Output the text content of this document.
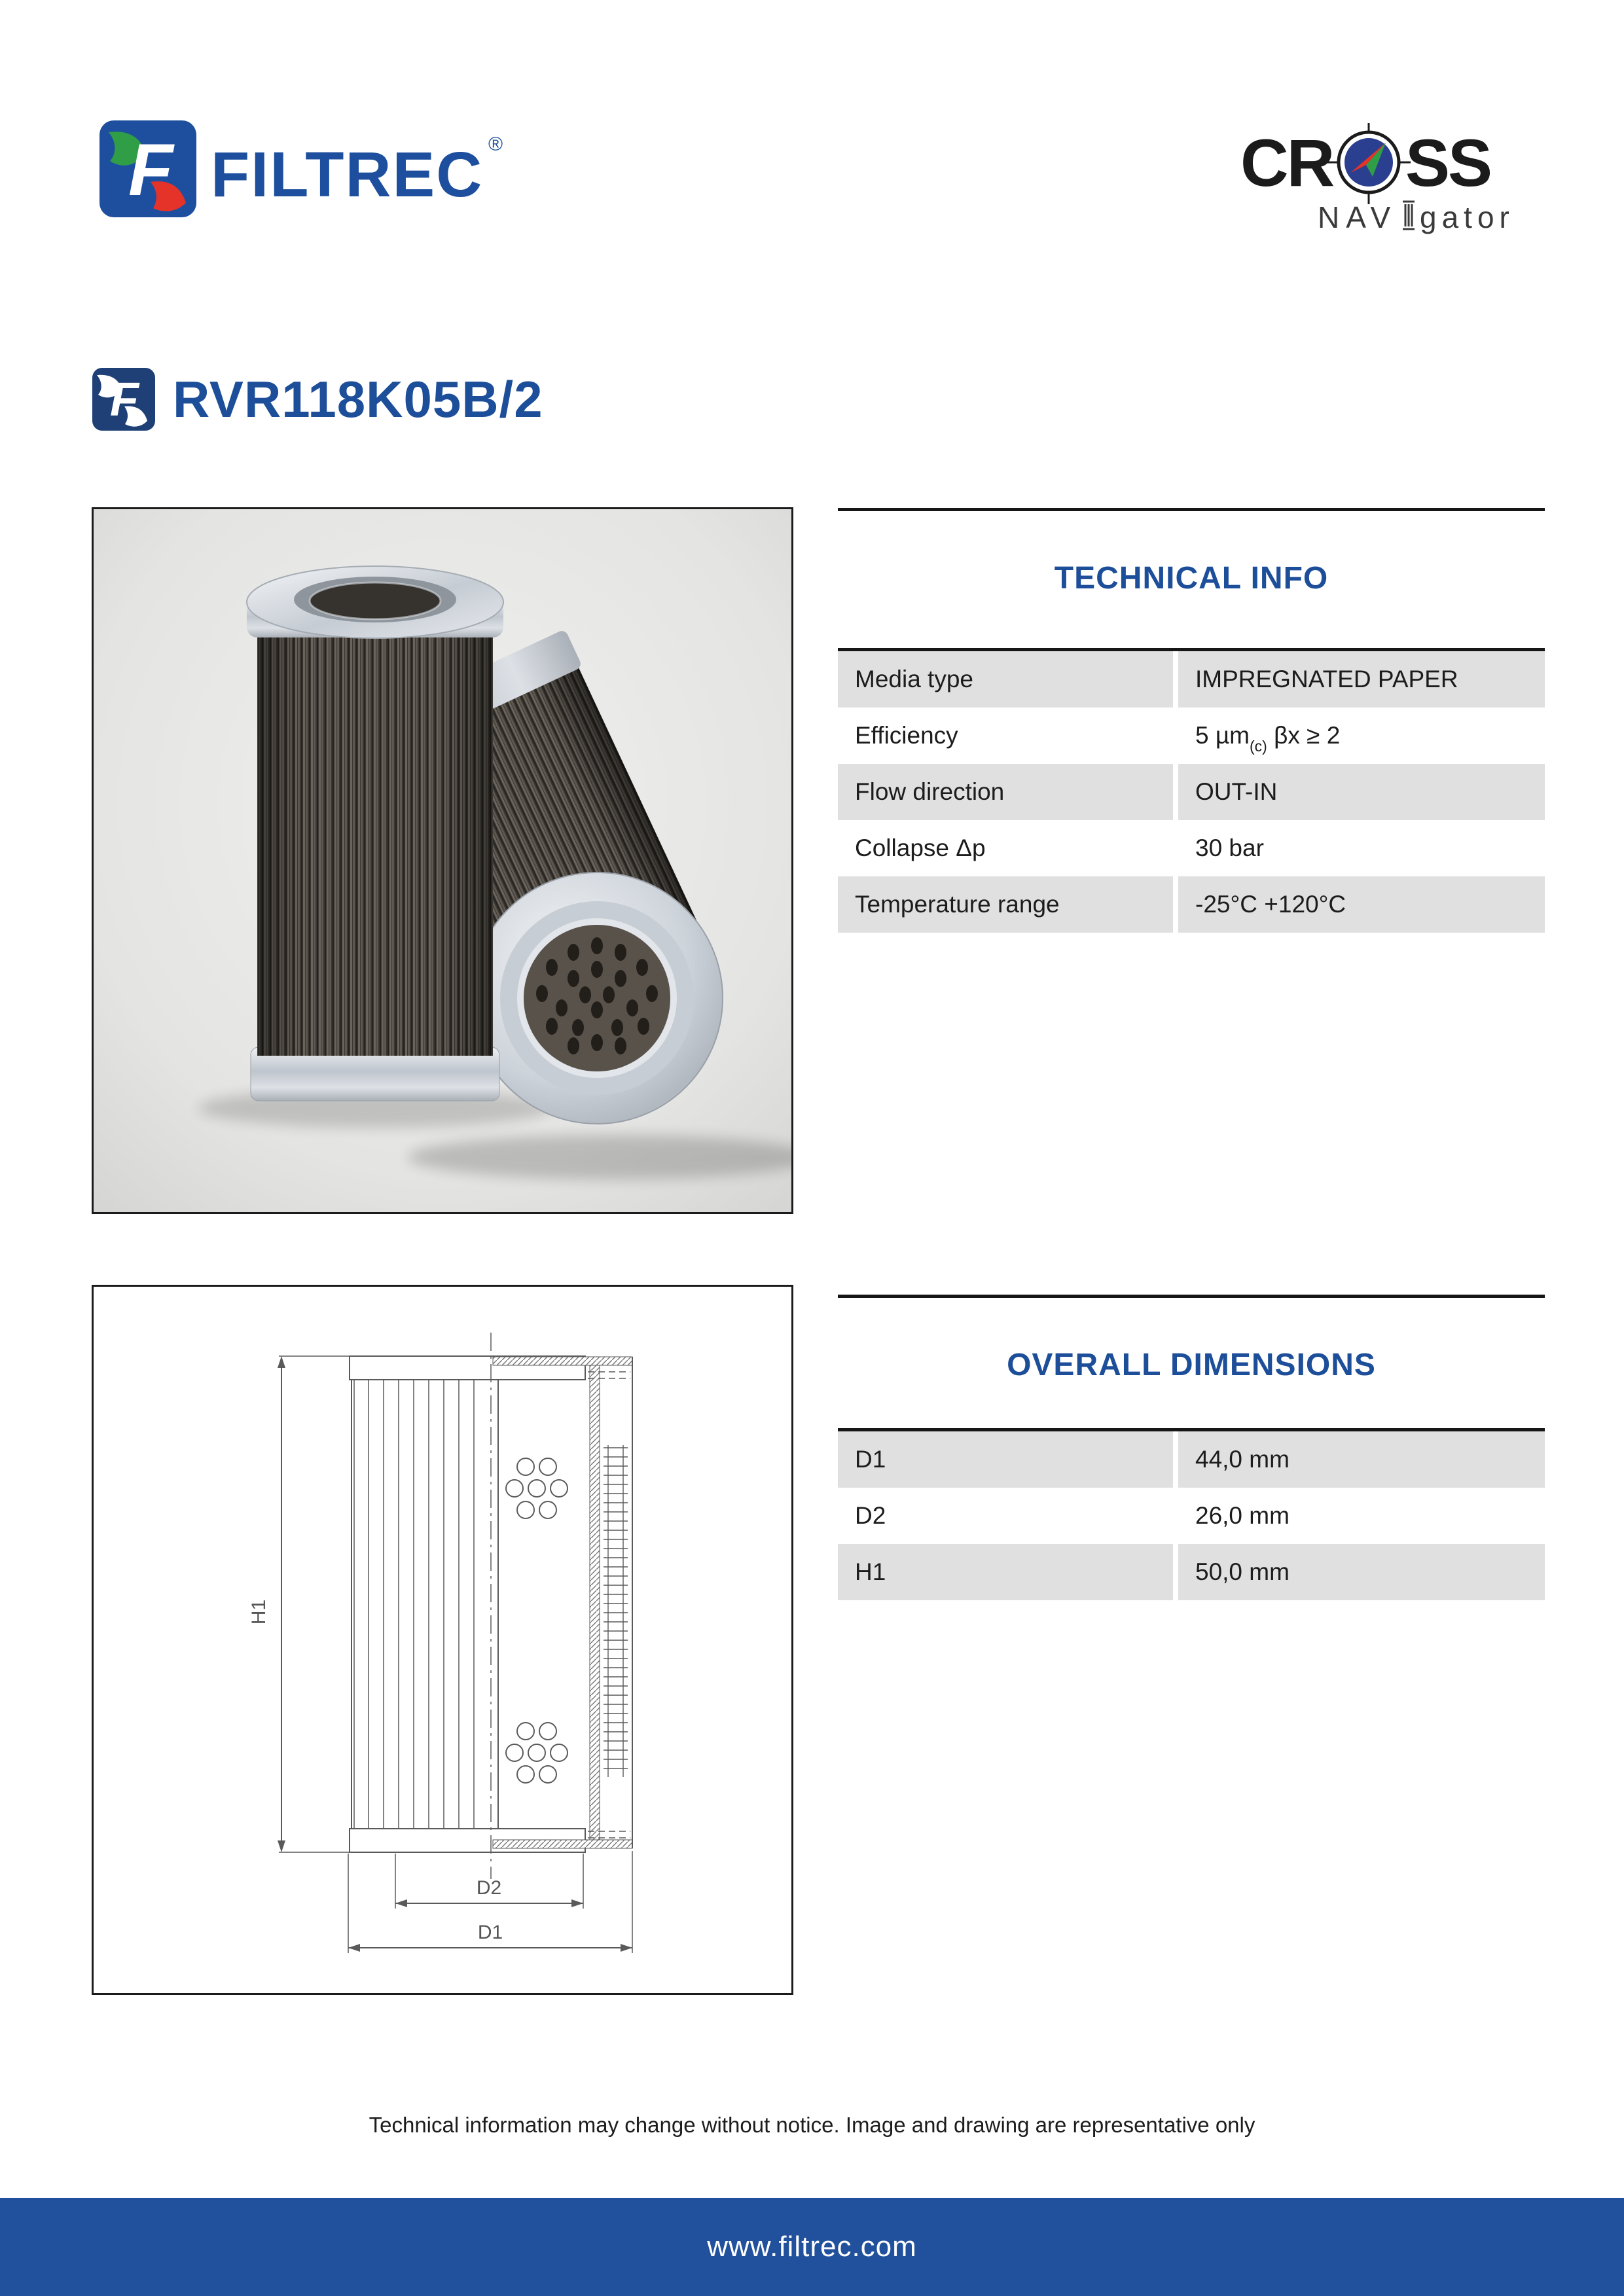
F FILTREC ®	CR SS
NAV gator
F RVR118K05B/2
TECHNICAL INFO
Media type	IMPREGNATED PAPER
Efficiency	5 µm$_{(c)}$ βx ≥ 2
Flow direction	OUT-IN
Collapse Δp	30 bar
Temperature range	-25°C +120°C
H1
D2
D1
OVERALL DIMENSIONS
D1	44,0 mm
D2	26,0 mm
H1	50,0 mm
Technical information may change without notice. Image and drawing are representative only
www.filtrec.com
